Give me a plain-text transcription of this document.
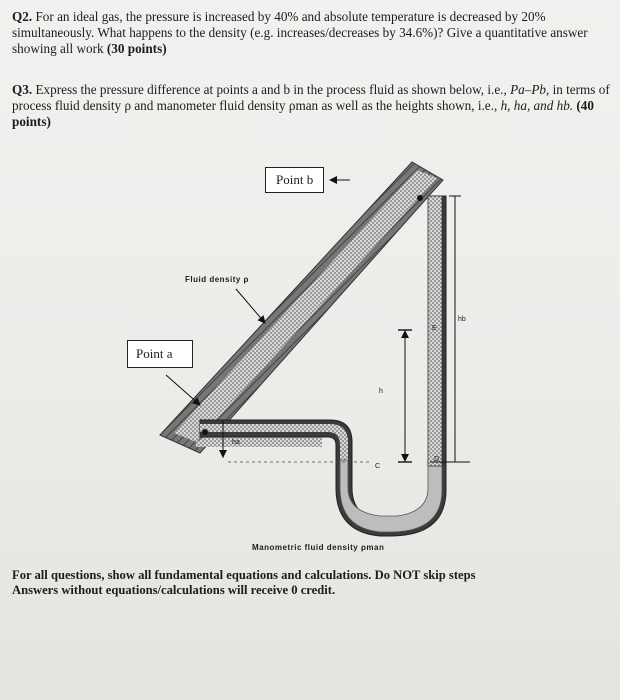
Q2. For an ideal gas, the pressure is increased by 40% and absolute temperature is decreased by 20% simultaneously. What happens to the density (e.g. increases/decreases by 34.6%)? Give a quantitative answer showing all work (30 points)
Q3. Express the pressure difference at points a and b in the process fluid as shown below, i.e., Pa–Pb, in terms of process fluid density ρ and manometer fluid density ρman as well as the heights shown, i.e., h, ha, and hb. (40 points)
Point b
Point a
Fluid density ρ
Manometric fluid density ρman
h
ha
hb
C
D
E
For all questions, show all fundamental equations and calculations. Do NOT skip steps
Answers without equations/calculations will receive 0 credit.
